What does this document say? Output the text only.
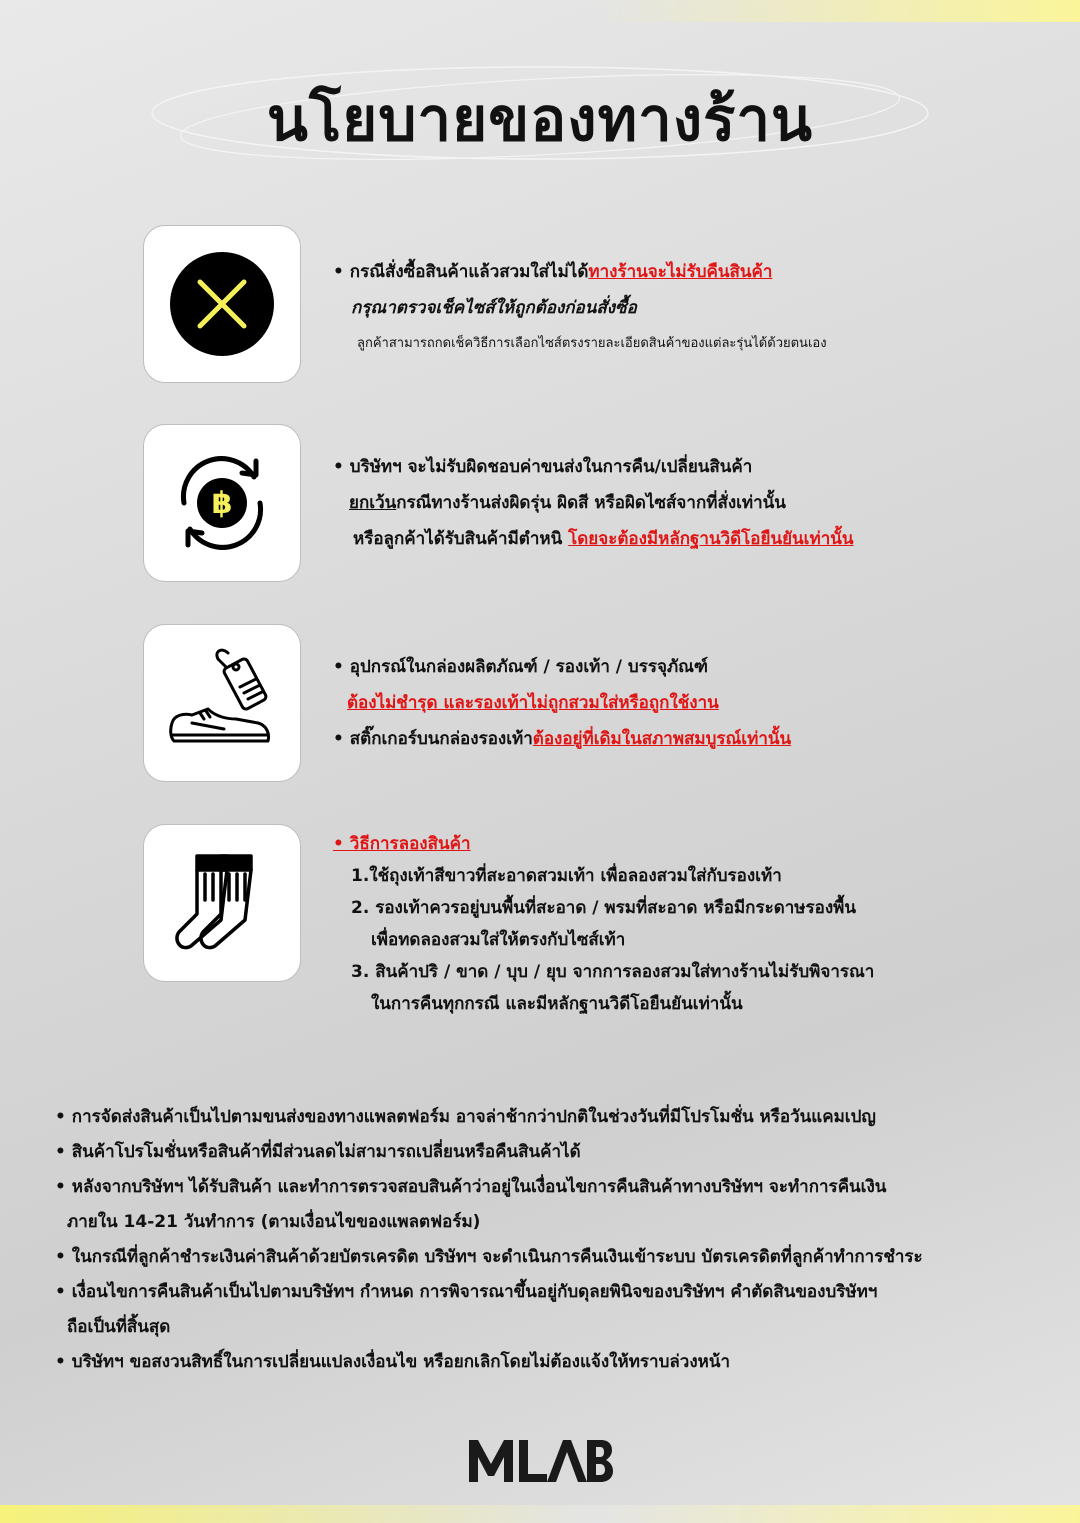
นโยบายของทางร้าน
• กรณีสั่งซื้อสินค้าแล้วสวมใส่ไม่ได้ทางร้านจะไม่รับคืนสินค้า
กรุณาตรวจเช็คไซส์ให้ถูกต้องก่อนสั่งซื้อ
ลูกค้าสามารถกดเช็ควิธีการเลือกไซส์ตรงรายละเอียดสินค้าของแต่ละรุ่นได้ด้วยตนเอง
฿
• บริษัทฯ จะไม่รับผิดชอบค่าขนส่งในการคืน/เปลี่ยนสินค้า
ยกเว้นกรณีทางร้านส่งผิดรุ่น ผิดสี หรือผิดไซส์จากที่สั่งเท่านั้น
หรือลูกค้าได้รับสินค้ามีตำหนิ โดยจะต้องมีหลักฐานวิดีโอยืนยันเท่านั้น
• อุปกรณ์ในกล่องผลิตภัณฑ์ / รองเท้า / บรรจุภัณฑ์
ต้องไม่ชำรุด และรองเท้าไม่ถูกสวมใส่หรือถูกใช้งาน
• สติ๊กเกอร์บนกล่องรองเท้าต้องอยู่ที่เดิมในสภาพสมบูรณ์เท่านั้น
• วิธีการลองสินค้า
1.ใช้ถุงเท้าสีขาวที่สะอาดสวมเท้า เพื่อลองสวมใส่กับรองเท้า
2. รองเท้าควรอยู่บนพื้นที่สะอาด / พรมที่สะอาด หรือมีกระดาษรองพื้น
เพื่อทดลองสวมใส่ให้ตรงกับไซส์เท้า
3. สินค้าปริ / ขาด / บุบ / ยุบ จากการลองสวมใส่ทางร้านไม่รับพิจารณา
ในการคืนทุกกรณี และมีหลักฐานวิดีโอยืนยันเท่านั้น
• การจัดส่งสินค้าเป็นไปตามขนส่งของทางแพลตฟอร์ม อาจล่าช้ากว่าปกติในช่วงวันที่มีโปรโมชั่น หรือวันแคมเปญ
• สินค้าโปรโมชั่นหรือสินค้าที่มีส่วนลดไม่สามารถเปลี่ยนหรือคืนสินค้าได้
• หลังจากบริษัทฯ ได้รับสินค้า และทำการตรวจสอบสินค้าว่าอยู่ในเงื่อนไขการคืนสินค้าทางบริษัทฯ จะทำการคืนเงิน
ภายใน 14-21 วันทำการ (ตามเงื่อนไขของแพลตฟอร์ม)
• ในกรณีที่ลูกค้าชำระเงินค่าสินค้าด้วยบัตรเครดิต บริษัทฯ จะดำเนินการคืนเงินเข้าระบบ บัตรเครดิตที่ลูกค้าทำการชำระ
• เงื่อนไขการคืนสินค้าเป็นไปตามบริษัทฯ กำหนด การพิจารณาขึ้นอยู่กับดุลยพินิจของบริษัทฯ คำตัดสินของบริษัทฯ
ถือเป็นที่สิ้นสุด
• บริษัทฯ ขอสงวนสิทธิ์ในการเปลี่ยนแปลงเงื่อนไข หรือยกเลิกโดยไม่ต้องแจ้งให้ทราบล่วงหน้า
